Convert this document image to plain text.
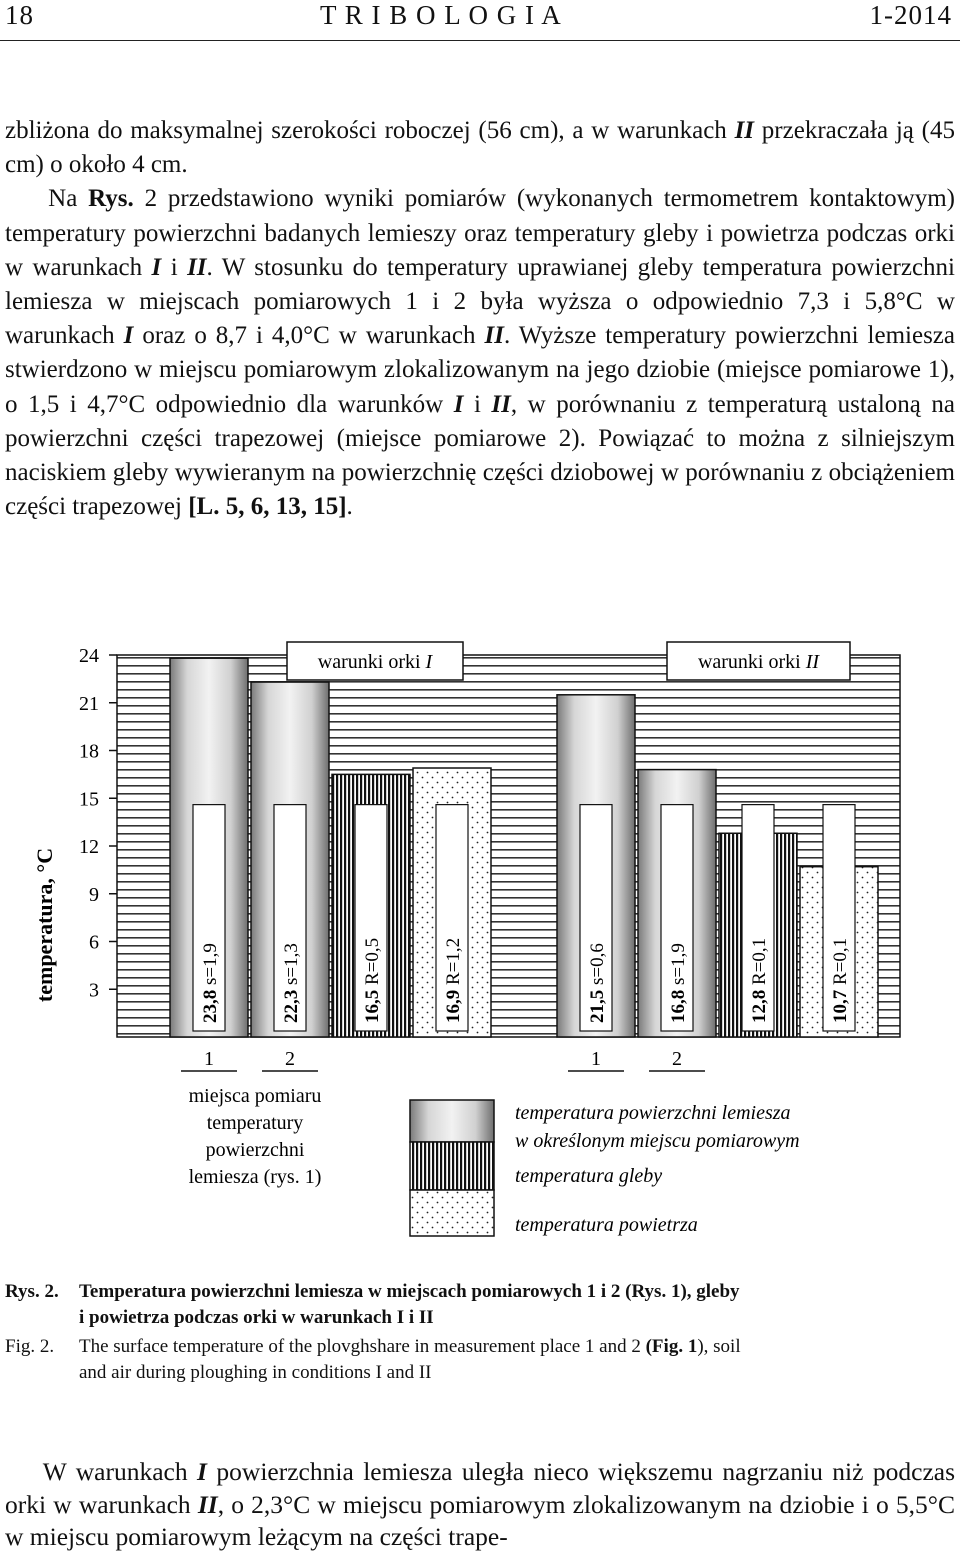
18	T R I B O L O G I A	1-2014

zbliżona do maksymalnej szerokości roboczej (56 cm), a w warunkach II przekraczała ją (45 cm) o około 4 cm.
Na Rys. 2 przedstawiono wyniki pomiarów (wykonanych termometrem kontaktowym) temperatury powierzchni badanych lemieszy oraz temperatury gleby i powietrza podczas orki w warunkach I i II. W stosunku do temperatury uprawianej gleby temperatura powierzchni lemiesza w miejscach pomiarowych 1 i 2 była wyższa o odpowiednio 7,3 i 5,8°C w warunkach I oraz o 8,7 i 4,0°C w warunkach II. Wyższe temperatury powierzchni lemiesza stwierdzono w miejscu pomiarowym zlokalizowanym na jego dziobie (miejsce pomiarowe 1), o 1,5 i 4,7°C odpowiednio dla warunków I i II, w porównaniu z temperaturą ustaloną na powierzchni części trapezowej (miejsce pomiarowe 2). Powiązać to można z silniejszym naciskiem gleby wywieranym na powierzchnię części dziobowej w porównaniu z obciążeniem części trapezowej [L. 5, 6, 13, 15].

3
6
9
12
15
18
21
24
23,8 s=1,9
22,3 s=1,3
16,5 R=0,5
16,9 R=1,2
21,5 s=0,6
16,8 s=1,9
12,8 R=0,1
10,7 R=0,1
temperatura, °C
warunki orki I	warunki orki II
1	2	1	2
miejsca pomiaru
temperatury
powierzchni
lemiesza (rys. 1)
temperatura powierzchni lemiesza
w określonym miejscu pomiarowym
temperatura gleby
temperatura powietrza
Rys. 2. Temperatura powierzchni lemiesza w miejscach pomiarowych 1 i 2 (Rys. 1), gleby
i powietrza podczas orki w warunkach I i II
Fig. 2. The surface temperature of the plovghshare in measurement place 1 and 2 (Fig. 1), soil
and air during ploughing in conditions I and II

W warunkach I powierzchnia lemiesza uległa nieco większemu nagrzaniu niż podczas orki w warunkach II, o 2,3°C w miejscu pomiarowym zlokalizowanym na dziobie i o 5,5°C w miejscu pomiarowym leżącym na części trape-
